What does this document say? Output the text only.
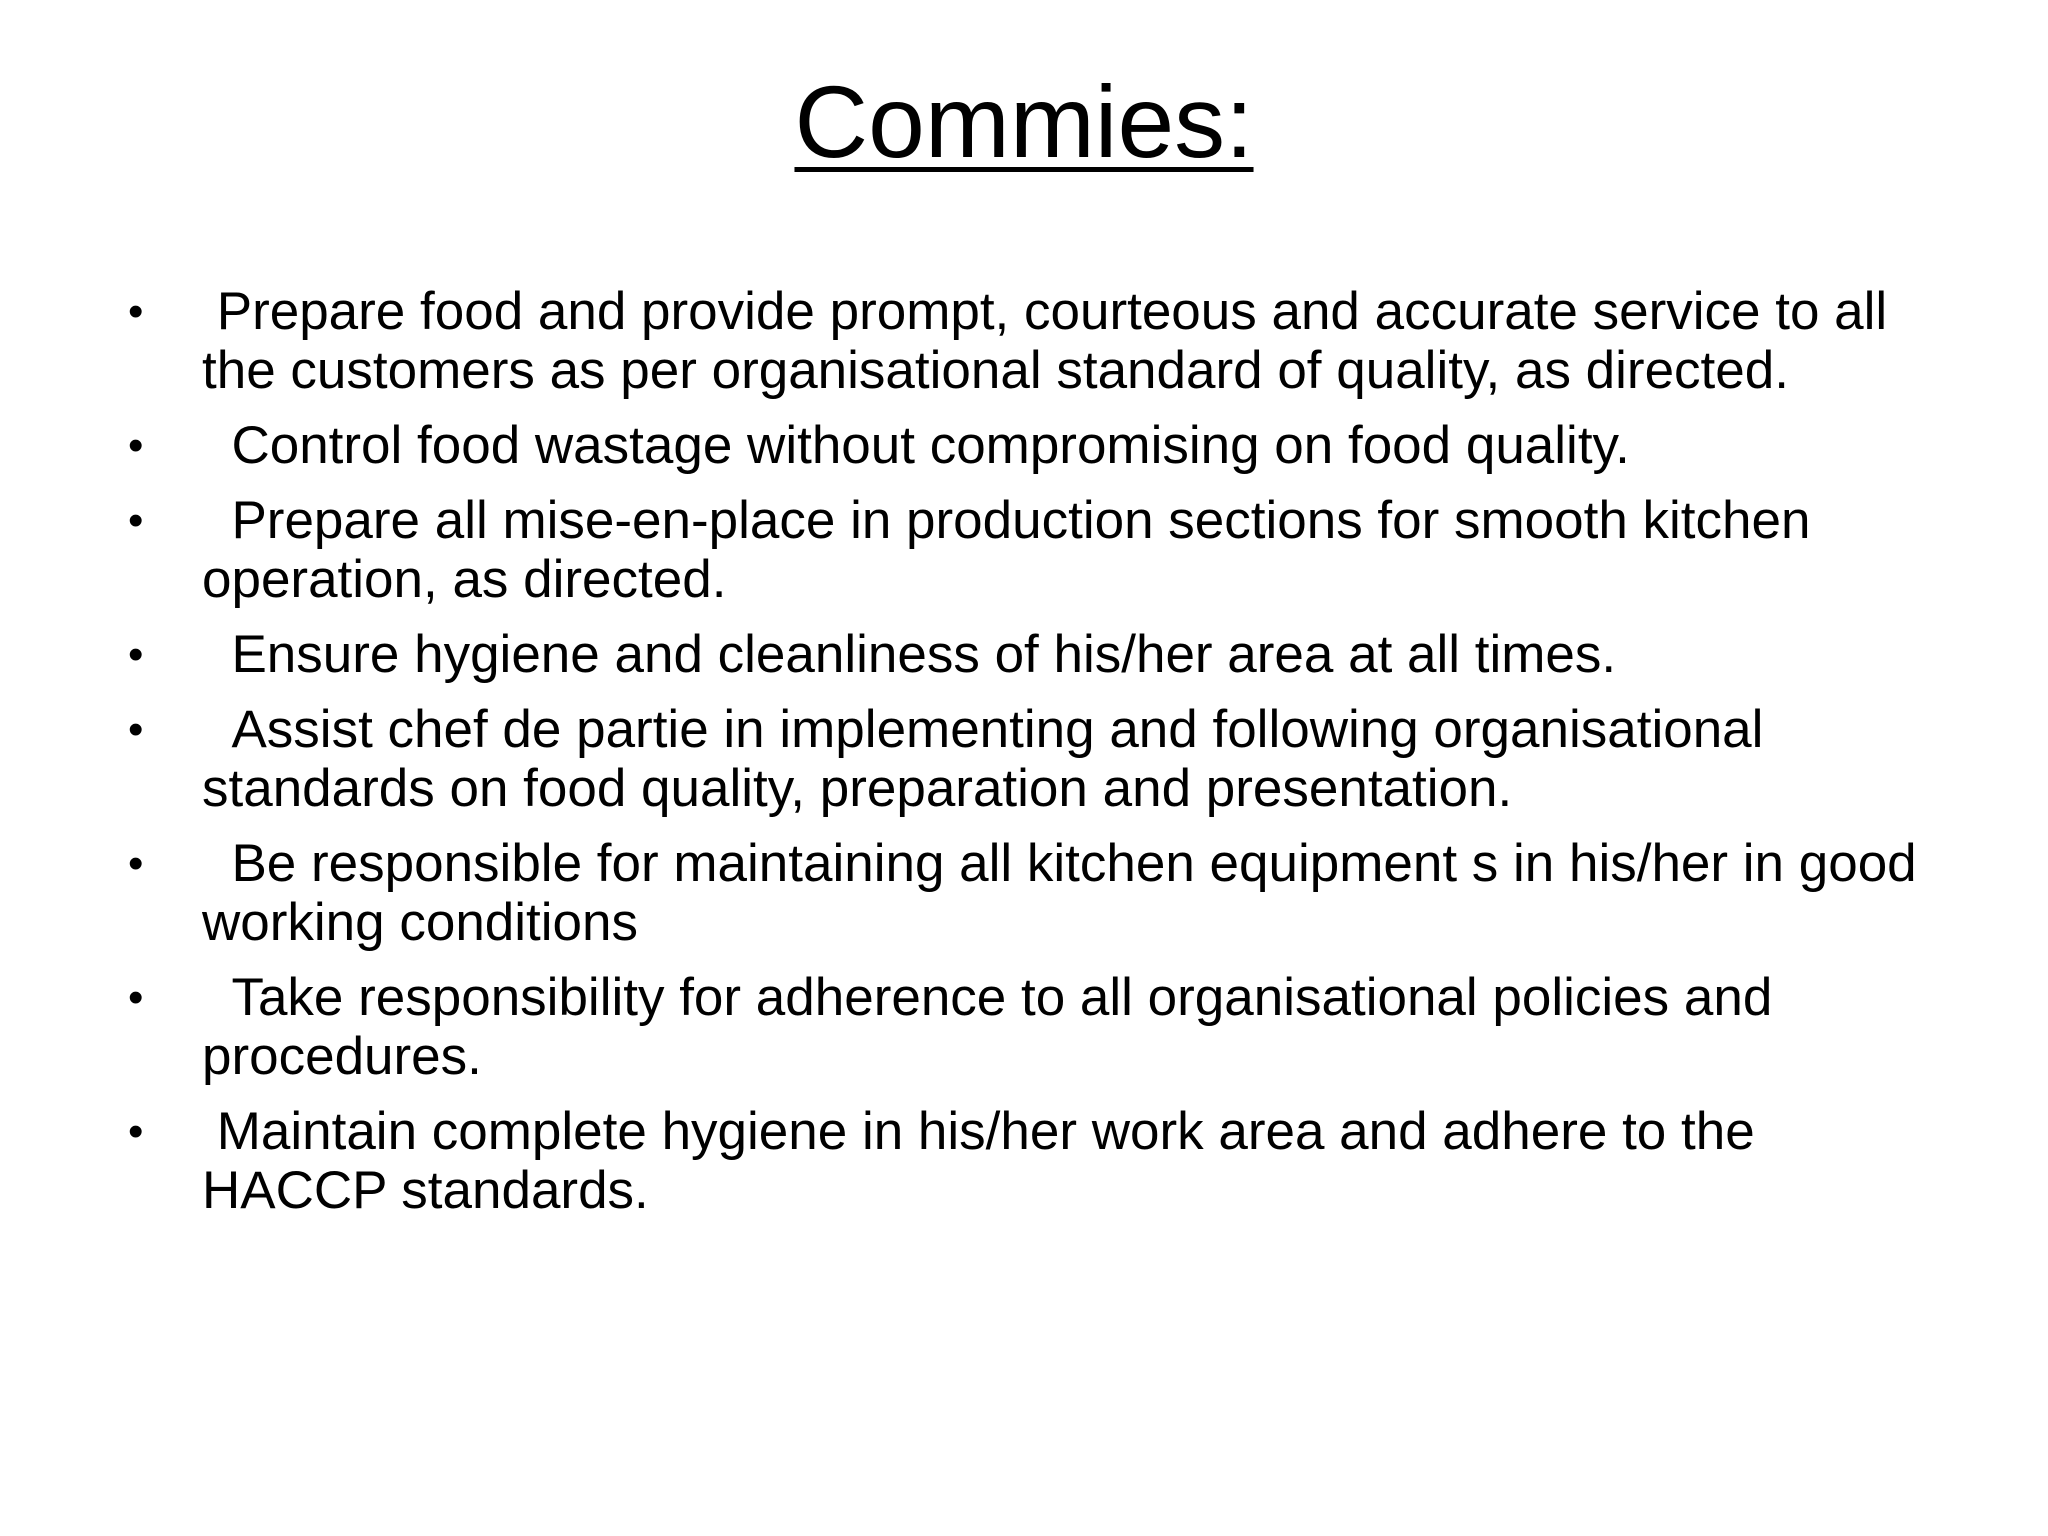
Commies:
• Prepare food and provide prompt, courteous and accurate service to all the customers as per organisational standard of quality, as directed.
• Control food wastage without compromising on food quality.
• Prepare all mise-en-place in production sections for smooth kitchen operation, as directed.
• Ensure hygiene and cleanliness of his/her area at all times.
• Assist chef de partie in implementing and following organisational standards on food quality, preparation and presentation.
• Be responsible for maintaining all kitchen equipment s in his/her in good working conditions
• Take responsibility for adherence to all organisational policies and procedures.
• Maintain complete hygiene in his/her work area and adhere to the HACCP standards.
